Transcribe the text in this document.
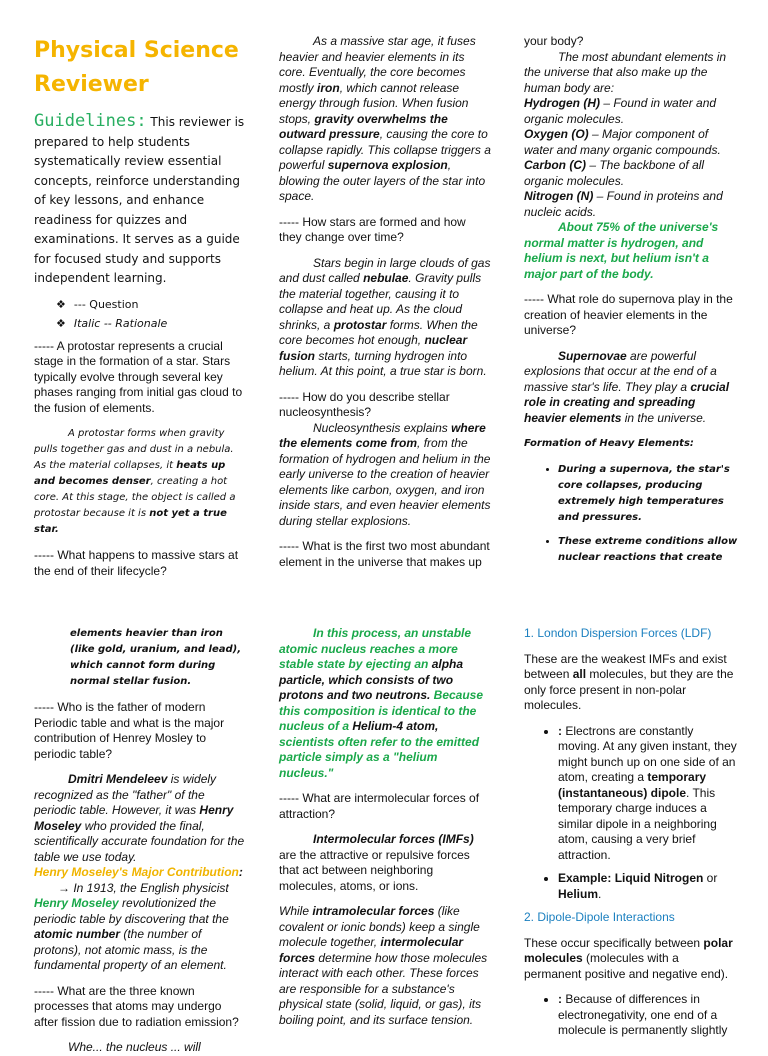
Physical Science
Reviewer

Guidelines: This reviewer is prepared to help students systematically review essential concepts, reinforce understanding of key lessons, and enhance readiness for quizzes and examinations. It serves as a guide for focused study and supports independent learning.

❖ --- Question
❖ Italic -- Rationale

----- A protostar represents a crucial stage in the formation of a star. Stars typically evolve through several key phases ranging from initial gas cloud to the fusion of elements.

A protostar forms when gravity pulls together gas and dust in a nebula. As the material collapses, it heats up and becomes denser, creating a hot core. At this stage, the object is called a protostar because it is not yet a true star.

----- What happens to massive stars at the end of their lifecycle?

As a massive star age, it fuses heavier and heavier elements in its core. Eventually, the core becomes mostly iron, which cannot release energy through fusion. When fusion stops, gravity overwhelms the outward pressure, causing the core to collapse rapidly. This collapse triggers a powerful supernova explosion, blowing the outer layers of the star into space.

----- How stars are formed and how they change over time?

Stars begin in large clouds of gas and dust called nebulae. Gravity pulls the material together, causing it to collapse and heat up. As the cloud shrinks, a protostar forms. When the core becomes hot enough, nuclear fusion starts, turning hydrogen into helium. At this point, a true star is born.

----- How do you describe stellar nucleosynthesis?

Nucleosynthesis explains where the elements come from, from the formation of hydrogen and helium in the early universe to the creation of heavier elements like carbon, oxygen, and iron inside stars, and even heavier elements during stellar explosions.

----- What is the first two most abundant element in the universe that makes up

your body?

The most abundant elements in the universe that also make up the human body are:

Hydrogen (H) – Found in water and organic molecules.

Oxygen (O) – Major component of water and many organic compounds.

Carbon (C) – The backbone of all organic molecules.

Nitrogen (N) – Found in proteins and nucleic acids.

About 75% of the universe's normal matter is hydrogen, and helium is next, but helium isn't a major part of the body.

----- What role do supernova play in the creation of heavier elements in the universe?

Supernovae are powerful explosions that occur at the end of a massive star's life. They play a crucial role in creating and spreading heavier elements in the universe.

Formation of Heavy Elements:

• During a supernova, the star's core collapses, producing extremely high temperatures and pressures.
• These extreme conditions allow nuclear reactions that create

elements heavier than iron (like gold, uranium, and lead), which cannot form during normal stellar fusion.

----- Who is the father of modern Periodic table and what is the major contribution of Henrey Mosley to periodic table?

Dmitri Mendeleev is widely recognized as the "father" of the periodic table. However, it was Henry Moseley who provided the final, scientifically accurate foundation for the table we use today.

Henry Moseley's Major Contribution:

→ In 1913, the English physicist Henry Moseley revolutionized the periodic table by discovering that the atomic number (the number of protons), not atomic mass, is the fundamental property of an element.

----- What are the three known processes that atoms may undergo after fission due to radiation emission?

Whe... the nucleus ... will

In this process, an unstable atomic nucleus reaches a more stable state by ejecting an alpha particle, which consists of two protons and two neutrons. Because this composition is identical to the nucleus of a Helium-4 atom, scientists often refer to the emitted particle simply as a "helium nucleus."

----- What are intermolecular forces of attraction?

Intermolecular forces (IMFs) are the attractive or repulsive forces that act between neighboring molecules, atoms, or ions.

While intramolecular forces (like covalent or ionic bonds) keep a single molecule together, intermolecular forces determine how those molecules interact with each other. These forces are responsible for a substance's physical state (solid, liquid, or gas), its boiling point, and its surface tension.

1. London Dispersion Forces (LDF)

These are the weakest IMFs and exist between all molecules, but they are the only force present in non-polar molecules.

• : Electrons are constantly moving. At any given instant, they might bunch up on one side of an atom, creating a temporary (instantaneous) dipole. This temporary charge induces a similar dipole in a neighboring atom, causing a very brief attraction.
• Example: Liquid Nitrogen or Helium.

2. Dipole-Dipole Interactions

These occur specifically between polar molecules (molecules with a permanent positive and negative end).

• : Because of differences in electronegativity, one end of a molecule is permanently slightly
